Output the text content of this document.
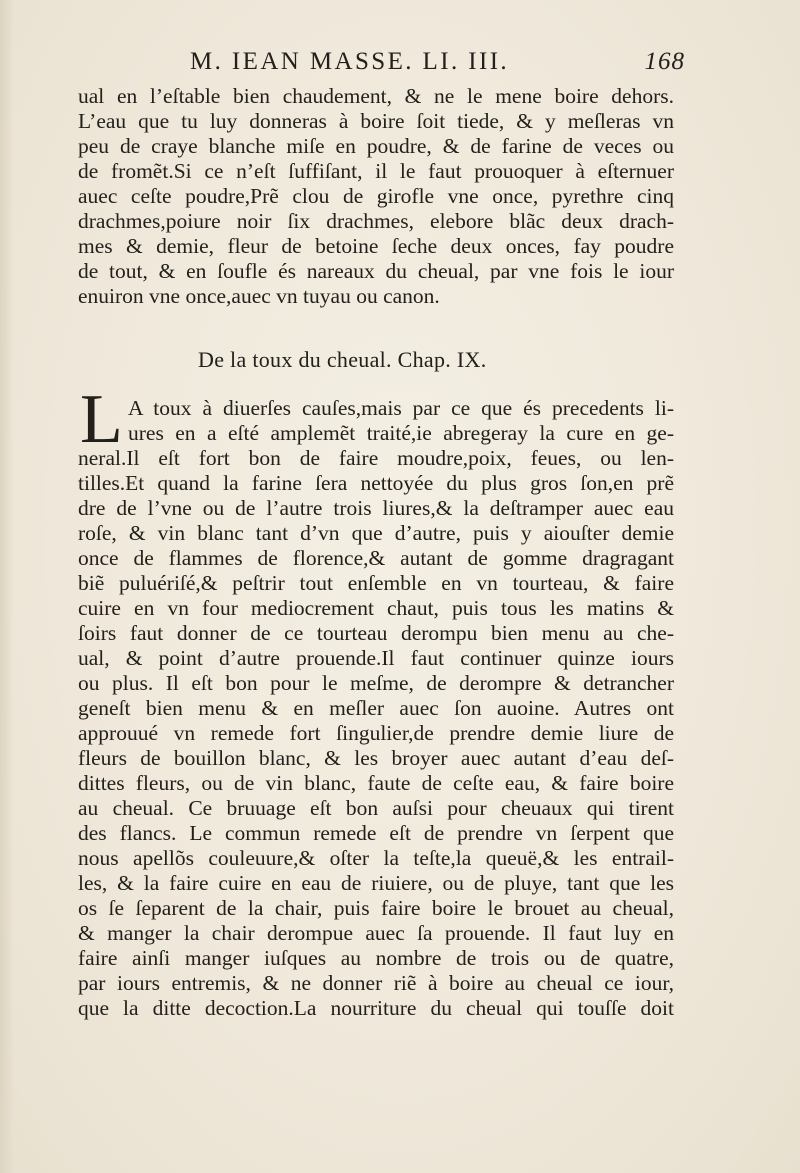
M. IEAN MASSE. LI. III.	168
ual en l’eſtable bien chaudement, & ne le mene boire dehors.
L’eau que tu luy donneras à boire ſoit tiede, & y meſleras vn
peu de craye blanche miſe en poudre, & de farine de veces ou
de fromẽt.Si ce n’eſt ſuffiſant, il le faut prouoquer à eſternuer
auec ceſte poudre,Prẽ clou de girofle vne once, pyrethre cinq
drachmes,poiure noir ſix drachmes, elebore blãc deux drach-
mes & demie, fleur de betoine ſeche deux onces, fay poudre
de tout, & en ſoufle és nareaux du cheual, par vne fois le iour
enuiron vne once,auec vn tuyau ou canon.
De la toux du cheual. Chap. IX.
L A toux à diuerſes cauſes,mais par ce que és precedents li-
ures en a eſté amplemẽt traité,ie abregeray la cure en ge-
neral.Il eſt fort bon de faire moudre,poix, feues, ou len-
tilles.Et quand la farine ſera nettoyée du plus gros ſon,en prẽ
dre de l’vne ou de l’autre trois liures,& la deſtramper auec eau
roſe, & vin blanc tant d’vn que d’autre, puis y aiouſter demie
once de flammes de florence,& autant de gomme dragragant
biẽ puluériſé,& peſtrir tout enſemble en vn tourteau, & faire
cuire en vn four mediocrement chaut, puis tous les matins &
ſoirs faut donner de ce tourteau derompu bien menu au che-
ual, & point d’autre prouende.Il faut continuer quinze iours
ou plus. Il eſt bon pour le meſme, de derompre & detrancher
geneſt bien menu & en meſler auec ſon auoine. Autres ont
approuué vn remede fort ſingulier,de prendre demie liure de
fleurs de bouillon blanc, & les broyer auec autant d’eau deſ-
dittes fleurs, ou de vin blanc, faute de ceſte eau, & faire boire
au cheual. Ce bruuage eſt bon auſsi pour cheuaux qui tirent
des flancs. Le commun remede eſt de prendre vn ſerpent que
nous apellõs couleuure,& oſter la teſte,la queuë,& les entrail-
les, & la faire cuire en eau de riuiere, ou de pluye, tant que les
os ſe ſeparent de la chair, puis faire boire le brouet au cheual,
& manger la chair derompue auec ſa prouende. Il faut luy en
faire ainſi manger iuſques au nombre de trois ou de quatre,
par iours entremis, & ne donner riẽ à boire au cheual ce iour,
que la ditte decoction.La nourriture du cheual qui touſſe doit
